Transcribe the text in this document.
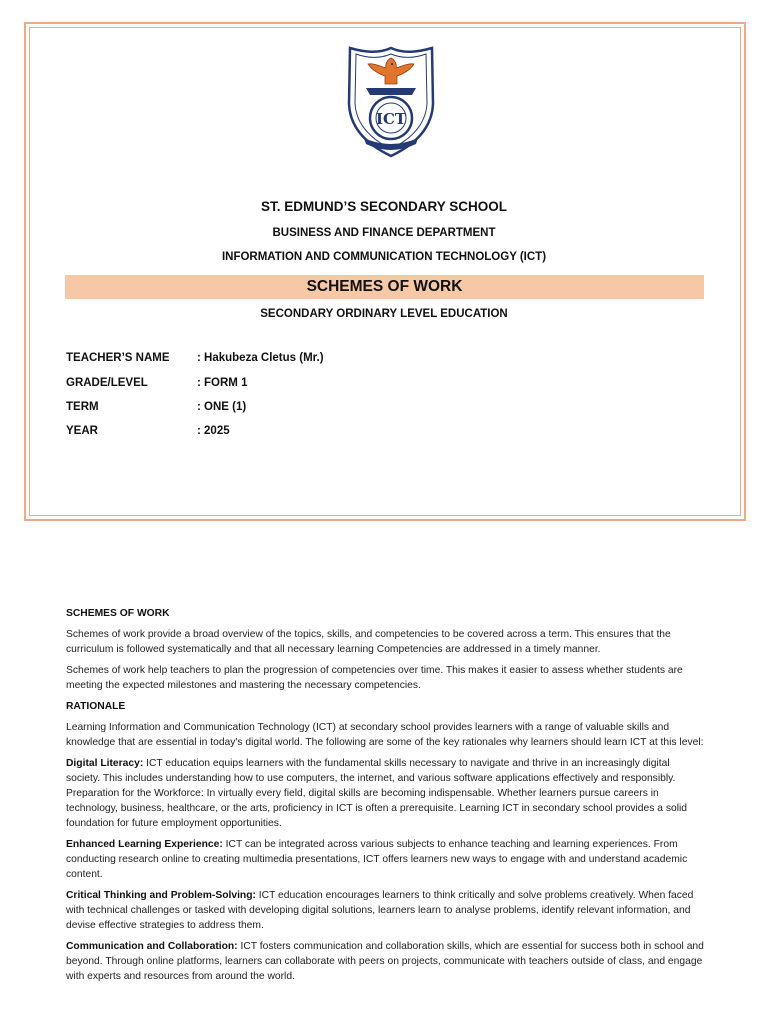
ICT
ST. EDMUND’S SECONDARY SCHOOL
BUSINESS AND FINANCE DEPARTMENT
INFORMATION AND COMMUNICATION TECHNOLOGY (ICT)
SCHEMES OF WORK
SECONDARY ORDINARY LEVEL EDUCATION
TEACHER’S NAME : Hakubeza Cletus (Mr.)
GRADE/LEVEL	: FORM 1
TERM	: ONE (1)
YEAR	: 2025

SCHEMES OF WORK

Schemes of work provide a broad overview of the topics, skills, and competencies to be covered across a term. This ensures that the curriculum is followed systematically and that all necessary learning Competencies are addressed in a timely manner.

Schemes of work help teachers to plan the progression of competencies over time. This makes it easier to assess whether students are meeting the expected milestones and mastering the necessary competencies.

RATIONALE

Learning Information and Communication Technology (ICT) at secondary school provides learners with a range of valuable skills and knowledge that are essential in today's digital world. The following are some of the key rationales why learners should learn ICT at this level:

Digital Literacy: ICT education equips learners with the fundamental skills necessary to navigate and thrive in an increasingly digital society. This includes understanding how to use computers, the internet, and various software applications effectively and responsibly. Preparation for the Workforce: In virtually every field, digital skills are becoming indispensable. Whether learners pursue careers in technology, business, healthcare, or the arts, proficiency in ICT is often a prerequisite. Learning ICT in secondary school provides a solid foundation for future employment opportunities.

Enhanced Learning Experience: ICT can be integrated across various subjects to enhance teaching and learning experiences. From conducting research online to creating multimedia presentations, ICT offers learners new ways to engage with and understand academic content.

Critical Thinking and Problem-Solving: ICT education encourages learners to think critically and solve problems creatively. When faced with technical challenges or tasked with developing digital solutions, learners learn to analyse problems, identify relevant information, and devise effective strategies to address them.

Communication and Collaboration: ICT fosters communication and collaboration skills, which are essential for success both in school and beyond. Through online platforms, learners can collaborate with peers on projects, communicate with teachers outside of class, and engage with experts and resources from around the world.
